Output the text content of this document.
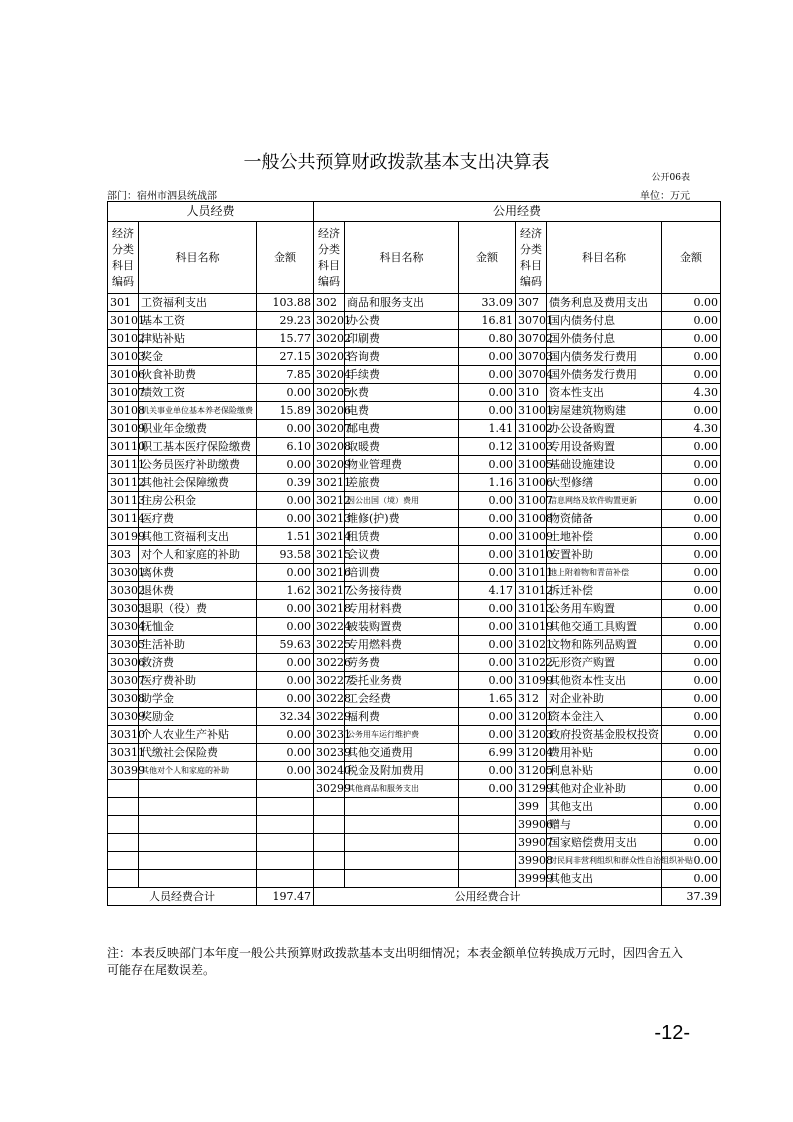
一般公共预算财政拨款基本支出决算表
公开06表
部门：宿州市泗县统战部	单位：万元
人员经费			公用经费					
经济分类科目编码	科目名称	金额	经济分类科目编码	科目名称	金额	经济分类科目编码	科目名称	金额
301	工资福利支出	103.88	302	商品和服务支出	33.09	307	债务利息及费用支出	0.00
30101	基本工资	29.23	30201	办公费	16.81	30701	国内债务付息	0.00
30102	津贴补贴	15.77	30202	印刷费	0.80	30702	国外债务付息	0.00
30103	奖金	27.15	30203	咨询费	0.00	30703	国内债务发行费用	0.00
30106	伙食补助费	7.85	30204	手续费	0.00	30704	国外债务发行费用	0.00
30107	绩效工资	0.00	30205	水费	0.00	310	资本性支出	4.30
30108	机关事业单位基本养老保险缴费	15.89	30206	电费	0.00	31001	房屋建筑物购建	0.00
30109	职业年金缴费	0.00	30207	邮电费	1.41	31002	办公设备购置	4.30
30110	职工基本医疗保险缴费	6.10	30208	取暖费	0.12	31003	专用设备购置	0.00
30111	公务员医疗补助缴费	0.00	30209	物业管理费	0.00	31005	基础设施建设	0.00
30112	其他社会保障缴费	0.39	30211	差旅费	1.16	31006	大型修缮	0.00
30113	住房公积金	0.00	30212	因公出国（境）费用	0.00	31007	信息网络及软件购置更新	0.00
30114	医疗费	0.00	30213	维修(护)费	0.00	31008	物资储备	0.00
30199	其他工资福利支出	1.51	30214	租赁费	0.00	31009	土地补偿	0.00
303	对个人和家庭的补助	93.58	30215	会议费	0.00	31010	安置补助	0.00
30301	离休费	0.00	30216	培训费	0.00	31011	地上附着物和青苗补偿	0.00
30302	退休费	1.62	30217	公务接待费	4.17	31012	拆迁补偿	0.00
30303	退职（役）费	0.00	30218	专用材料费	0.00	31013	公务用车购置	0.00
30304	抚恤金	0.00	30224	被装购置费	0.00	31019	其他交通工具购置	0.00
30305	生活补助	59.63	30225	专用燃料费	0.00	31021	文物和陈列品购置	0.00
30306	救济费	0.00	30226	劳务费	0.00	31022	无形资产购置	0.00
30307	医疗费补助	0.00	30227	委托业务费	0.00	31099	其他资本性支出	0.00
30308	助学金	0.00	30228	工会经费	1.65	312	对企业补助	0.00
30309	奖励金	32.34	30229	福利费	0.00	31201	资本金注入	0.00
30310	个人农业生产补贴	0.00	30231	公务用车运行维护费	0.00	31203	政府投资基金股权投资	0.00
30311	代缴社会保险费	0.00	30239	其他交通费用	6.99	31204	费用补贴	0.00
30399	其他对个人和家庭的补助	0.00	30240	税金及附加费用	0.00	31205	利息补贴	0.00
			30299	其他商品和服务支出	0.00	31299	其他对企业补助	0.00
						399	其他支出	0.00
						39906	赠与	0.00
						39907	国家赔偿费用支出	0.00
						39908	对民间非营利组织和群众性自治组织补贴	0.00
						39999	其他支出	0.00
人员经费合计		197.47	公用经费合计					37.39
注：本表反映部门本年度一般公共预算财政拨款基本支出明细情况；本表金额单位转换成万元时，因四舍五入可能存在尾数误差。
-12-
